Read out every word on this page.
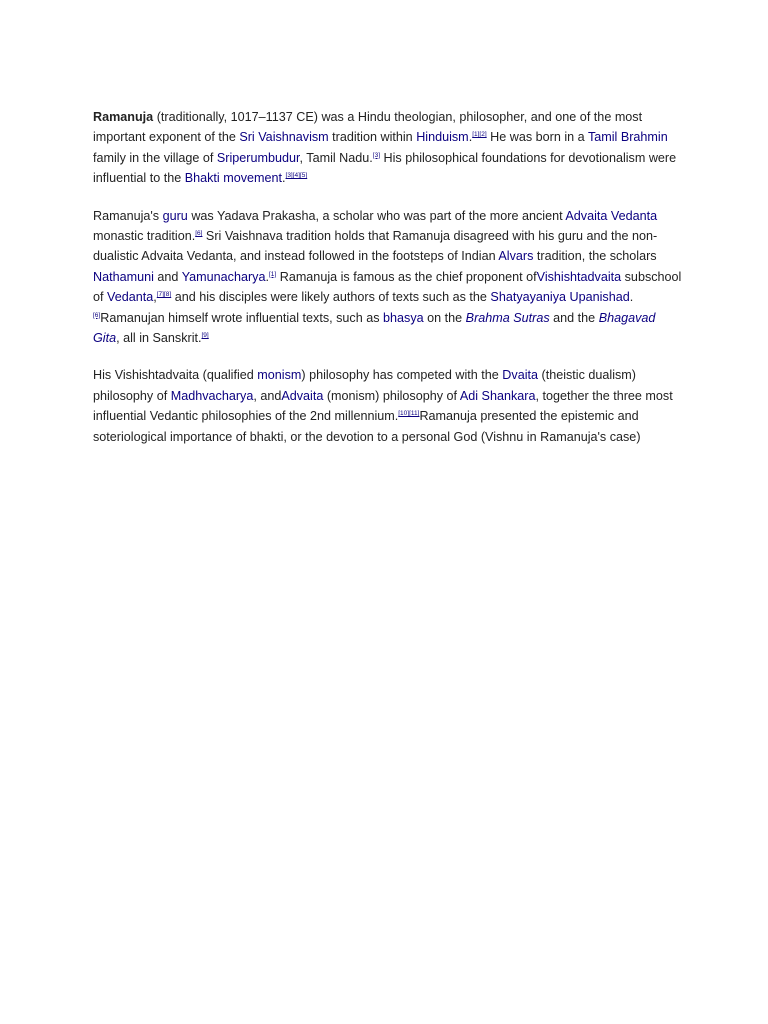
Ramanuja (traditionally, 1017–1137 CE) was a Hindu theologian, philosopher, and one of the most important exponent of the Sri Vaishnavism tradition within Hinduism.[1][2] He was born in a Tamil Brahmin family in the village of Sriperumbudur, Tamil Nadu.[3] His philosophical foundations for devotionalism were influential to the Bhakti movement.[3][4][5]

Ramanuja's guru was Yadava Prakasha, a scholar who was part of the more ancient Advaita Vedanta monastic tradition.[6] Sri Vaishnava tradition holds that Ramanuja disagreed with his guru and the non-dualistic Advaita Vedanta, and instead followed in the footsteps of Indian Alvars tradition, the scholars Nathamuni and Yamunacharya.[1] Ramanuja is famous as the chief proponent ofVishishtadvaita subschool of Vedanta,[7][8] and his disciples were likely authors of texts such as the Shatyayaniya Upanishad.[6]Ramanujan himself wrote influential texts, such as bhasya on the Brahma Sutras and the Bhagavad Gita, all in Sanskrit.[9]

His Vishishtadvaita (qualified monism) philosophy has competed with the Dvaita (theistic dualism) philosophy of Madhvacharya, andAdvaita (monism) philosophy of Adi Shankara, together the three most influential Vedantic philosophies of the 2nd millennium.[10][11]Ramanuja presented the epistemic and soteriological importance of bhakti, or the devotion to a personal God (Vishnu in Ramanuja's case)
